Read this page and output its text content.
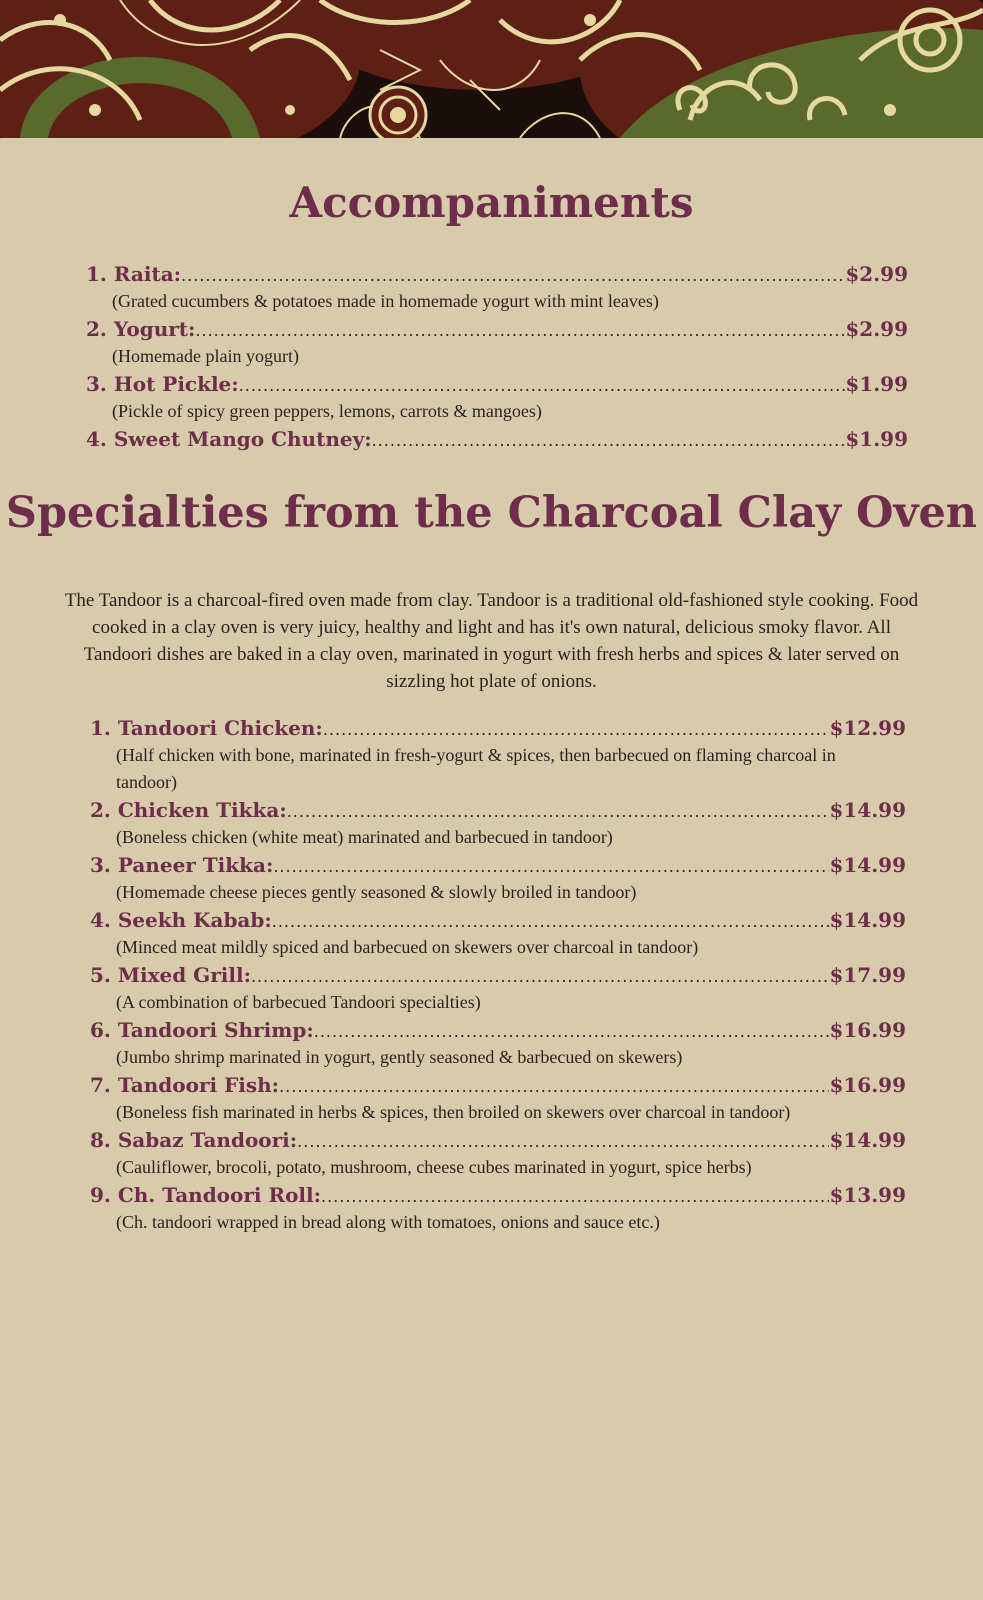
Accompaniments
1. Raita: .....	$2.99
(Grated cucumbers & potatoes made in homemade yogurt with mint leaves)
2. Yogurt: .....	$2.99
(Homemade plain yogurt)
3. Hot Pickle: .....	$1.99
(Pickle of spicy green peppers, lemons, carrots & mangoes)
4. Sweet Mango Chutney: .....	$1.99
Specialties from the Charcoal Clay Oven

The Tandoor is a charcoal-fired oven made from clay. Tandoor is a traditional old-fashioned style cooking. Food cooked in a clay oven is very juicy, healthy and light and has it's own natural, delicious smoky flavor. All Tandoori dishes are baked in a clay oven, marinated in yogurt with fresh herbs and spices & later served on sizzling hot plate of onions.

1. Tandoori Chicken: .....	$12.99
(Half chicken with bone, marinated in fresh-yogurt & spices, then barbecued on flaming charcoal in tandoor)
2. Chicken Tikka: .....	$14.99
(Boneless chicken (white meat) marinated and barbecued in tandoor)
3. Paneer Tikka: .....	$14.99
(Homemade cheese pieces gently seasoned & slowly broiled in tandoor)
4. Seekh Kabab: .....	$14.99
(Minced meat mildly spiced and barbecued on skewers over charcoal in tandoor)
5. Mixed Grill: .....	$17.99
(A combination of barbecued Tandoori specialties)
6. Tandoori Shrimp: .....	$16.99
(Jumbo shrimp marinated in yogurt, gently seasoned & barbecued on skewers)
7. Tandoori Fish: .....	$16.99
(Boneless fish marinated in herbs & spices, then broiled on skewers over charcoal in tandoor)
8. Sabaz Tandoori: .....	$14.99
(Cauliflower, brocoli, potato, mushroom, cheese cubes marinated in yogurt, spice herbs)
9. Ch. Tandoori Roll: .....	$13.99
(Ch. tandoori wrapped in bread along with tomatoes, onions and sauce etc.)
